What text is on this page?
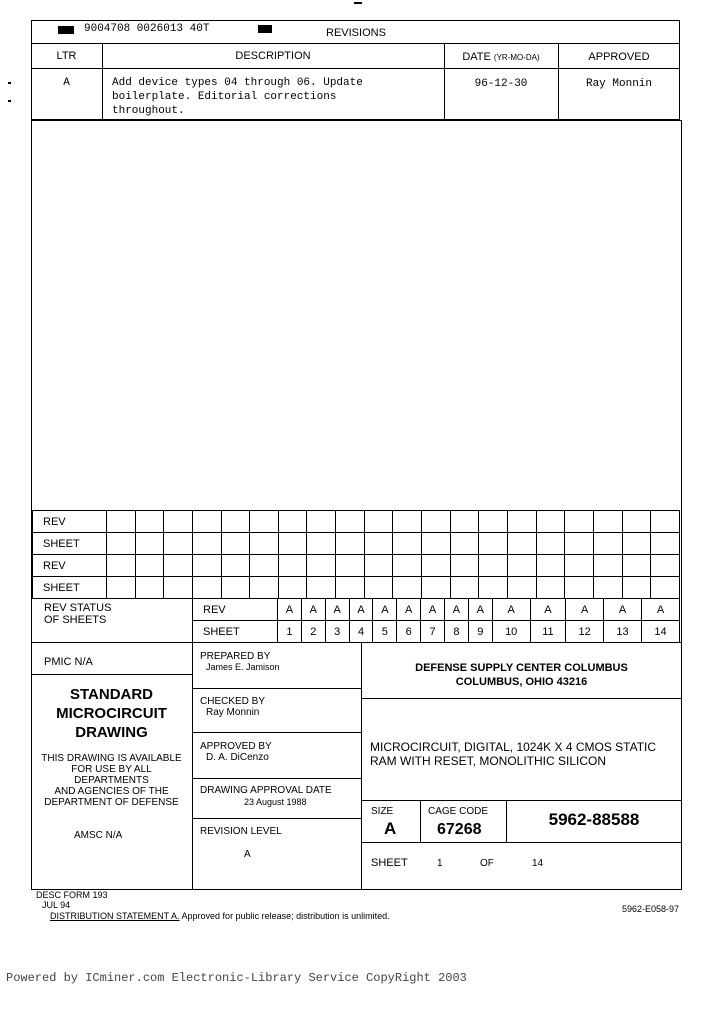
9004708 0026013 40T	REVISIONS
LTR	DESCRIPTION	DATE (YR-MO-DA)	APPROVED
A	Add device types 04 through 06. Update
boilerplate. Editorial corrections
throughout.
96-12-30	Ray Monnin
REV																				
SHEET																				
REV																				
SHEET																				
REV STATUS
OF SHEETS
REV	A	A	A	A	A	A	A	A	A	A	A	A	A	A
SHEET	1	2	3	4	5	6	7	8	9	10	11	12	13	14
PMIC N/A
STANDARD
MICROCIRCUIT
DRAWING
THIS DRAWING IS AVAILABLE
FOR USE BY ALL
DEPARTMENTS
AND AGENCIES OF THE
DEPARTMENT OF DEFENSE
AMSC N/A
PREPARED BY
James E. Jamison
CHECKED BY
Ray Monnin
APPROVED BY
D. A. DiCenzo
DRAWING APPROVAL DATE
23 August 1988
REVISION LEVEL
A
DEFENSE SUPPLY CENTER COLUMBUS
COLUMBUS, OHIO 43216
MICROCIRCUIT, DIGITAL, 1024K X 4 CMOS STATIC
RAM WITH RESET, MONOLITHIC SILICON
SIZE
A
CAGE CODE
67268
5962-88588
SHEET	1	OF	14
DESC FORM 193
JUL 94
DISTRIBUTION STATEMENT A. Approved for public release; distribution is unlimited.
5962-E058-97
Powered by ICminer.com Electronic-Library Service CopyRight 2003
